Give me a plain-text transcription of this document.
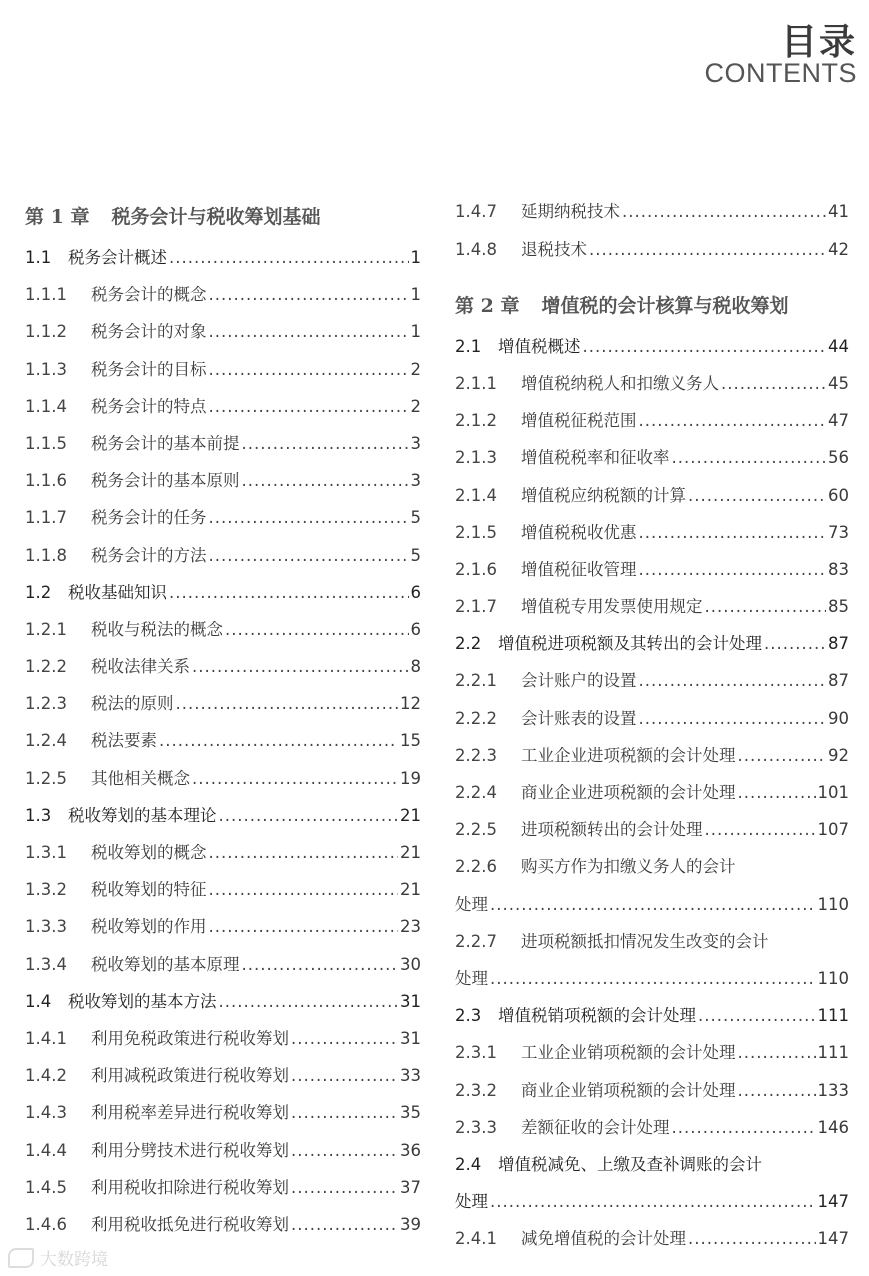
目录
CONTENTS
第 1 章 税务会计与税收筹划基础
1.1	税务会计概述 .....	1
1.1.1	税务会计的概念 .....	1
1.1.2	税务会计的对象 .....	1
1.1.3	税务会计的目标 .....	2
1.1.4	税务会计的特点 .....	2
1.1.5	税务会计的基本前提 .....	3
1.1.6	税务会计的基本原则 .....	3
1.1.7	税务会计的任务 .....	5
1.1.8	税务会计的方法 .....	5
1.2	税收基础知识 .....	6
1.2.1	税收与税法的概念 .....	6
1.2.2	税收法律关系 .....	8
1.2.3	税法的原则 .....	12
1.2.4	税法要素 .....	15
1.2.5	其他相关概念 .....	19
1.3	税收筹划的基本理论 .....	21
1.3.1	税收筹划的概念 .....	21
1.3.2	税收筹划的特征 .....	21
1.3.3	税收筹划的作用 .....	23
1.3.4	税收筹划的基本原理 .....	30
1.4	税收筹划的基本方法 .....	31
1.4.1	利用免税政策进行税收筹划 .....	31
1.4.2	利用减税政策进行税收筹划 .....	33
1.4.3	利用税率差异进行税收筹划 .....	35
1.4.4	利用分劈技术进行税收筹划 .....	36
1.4.5	利用税收扣除进行税收筹划 .....	37
1.4.6	利用税收抵免进行税收筹划 .....	39
1.4.7	延期纳税技术 .....	41
1.4.8	退税技术 .....	42
第 2 章 增值税的会计核算与税收筹划
2.1	增值税概述 .....	44
2.1.1	增值税纳税人和扣缴义务人 .....	45
2.1.2	增值税征税范围 .....	47
2.1.3	增值税税率和征收率 .....	56
2.1.4	增值税应纳税额的计算 .....	60
2.1.5	增值税税收优惠 .....	73
2.1.6	增值税征收管理 .....	83
2.1.7	增值税专用发票使用规定 .....	85
2.2	增值税进项税额及其转出的会计处理 .....	87
2.2.1	会计账户的设置 .....	87
2.2.2	会计账表的设置 .....	90
2.2.3	工业企业进项税额的会计处理 .....	92
2.2.4	商业企业进项税额的会计处理 .....	101
2.2.5	进项税额转出的会计处理 .....	107
2.2.6	购买方作为扣缴义务人的会计
处理 .....	110
2.2.7	进项税额抵扣情况发生改变的会计
处理 .....	110
2.3	增值税销项税额的会计处理 .....	111
2.3.1	工业企业销项税额的会计处理 .....	111
2.3.2	商业企业销项税额的会计处理 .....	133
2.3.3	差额征收的会计处理 .....	146
2.4	增值税减免、上缴及查补调账的会计
处理 .....	147
2.4.1	减免增值税的会计处理 .....	147
大数跨境
